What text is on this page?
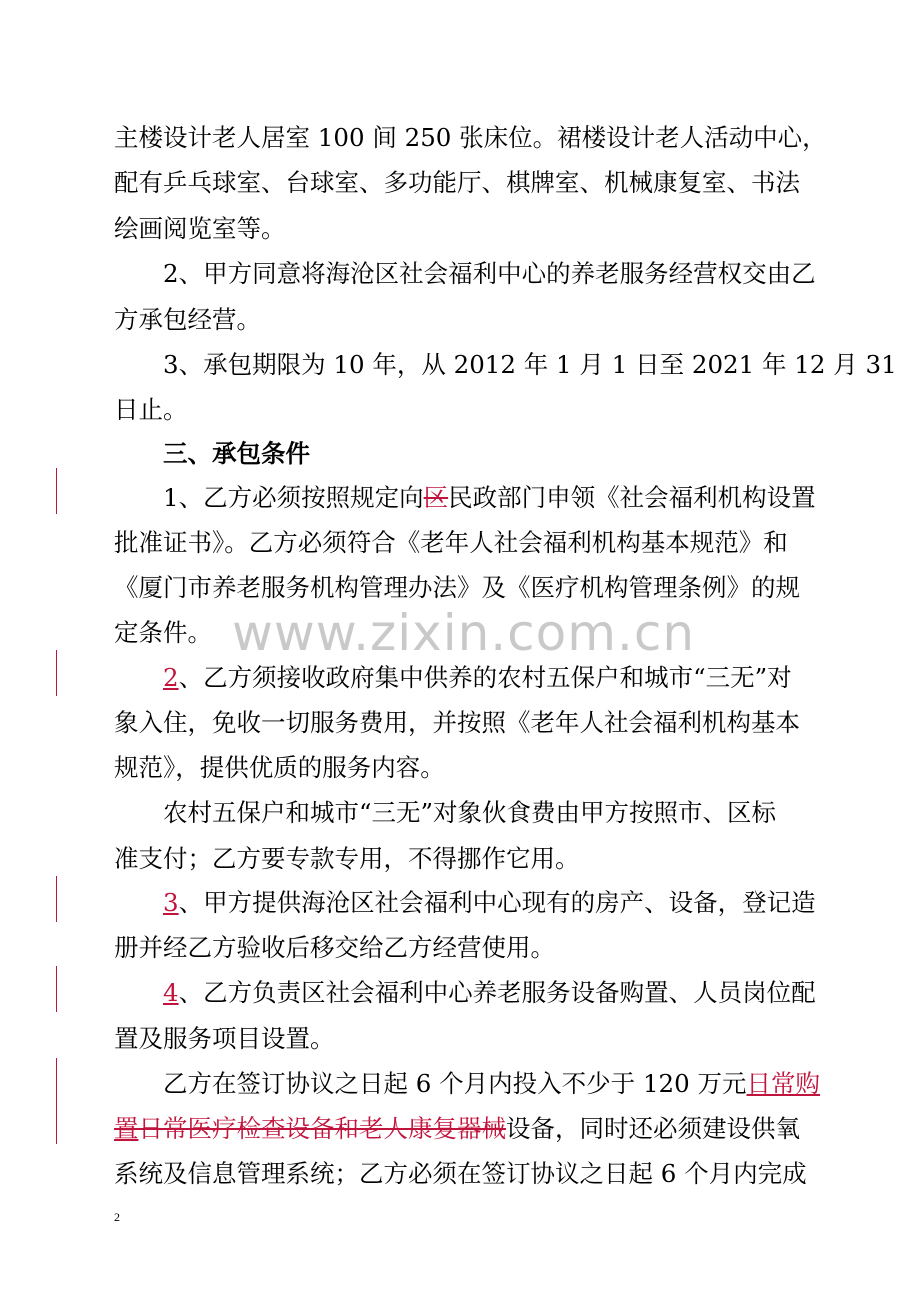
www.zixin.com.cn
主楼设计老人居室 100 间 250 张床位。裙楼设计老人活动中心，
配有乒乓球室、台球室、多功能厅、棋牌室、机械康复室、书法
绘画阅览室等。
2、甲方同意将海沧区社会福利中心的养老服务经营权交由乙
方承包经营。
3、承包期限为 10 年，从 2012 年 1 月 1 日至 2021 年 12 月 31
日止。
三、承包条件
1、乙方必须按照规定向区民政部门申领《社会福利机构设置
批准证书》。乙方必须符合《老年人社会福利机构基本规范》和
《厦门市养老服务机构管理办法》及《医疗机构管理条例》的规
定条件。
2、乙方须接收政府集中供养的农村五保户和城市“三无”对
象入住，免收一切服务费用，并按照《老年人社会福利机构基本
规范》，提供优质的服务内容。
农村五保户和城市“三无”对象伙食费由甲方按照市、区标
准支付；乙方要专款专用，不得挪作它用。
3、甲方提供海沧区社会福利中心现有的房产、设备，登记造
册并经乙方验收后移交给乙方经营使用。
4、乙方负责区社会福利中心养老服务设备购置、人员岗位配
置及服务项目设置。
乙方在签订协议之日起 6 个月内投入不少于 120 万元日常购
置日常医疗检查设备和老人康复器械设备，同时还必须建设供氧
系统及信息管理系统；乙方必须在签订协议之日起 6 个月内完成
2
